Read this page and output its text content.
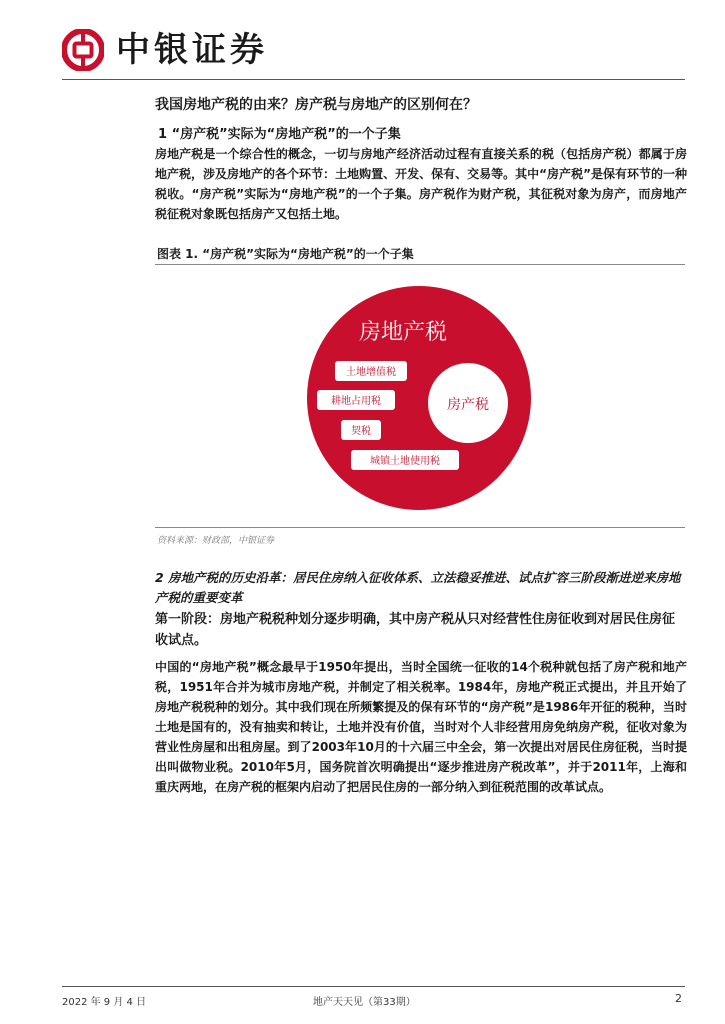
中银证券
我国房地产税的由来？房产税与房地产的区别何在？
1 “房产税”实际为“房地产税”的一个子集
房地产税是一个综合性的概念，一切与房地产经济活动过程有直接关系的税（包括房产税）都属于房地产税，涉及房地产的各个环节：土地购置、开发、保有、交易等。其中“房产税”是保有环节的一种税收。“房产税”实际为“房地产税”的一个子集。房产税作为财产税，其征税对象为房产，而房地产税征税对象既包括房产又包括土地。
图表 1. “房产税”实际为“房地产税”的一个子集
房地产税
房产税
土地增值税
耕地占用税
契税
城镇土地使用税
资料来源：财政部，中银证券
2 房地产税的历史沿革：居民住房纳入征收体系、立法稳妥推进、试点扩容三阶段渐进逆来房地产税的重要变革
第一阶段：房地产税税种划分逐步明确，其中房产税从只对经营性住房征收到对居民住房征收试点。
中国的“房地产税”概念最早于1950年提出，当时全国统一征收的14个税种就包括了房产税和地产税，1951年合并为城市房地产税，并制定了相关税率。1984年，房地产税正式提出，并且开始了房地产税税种的划分。其中我们现在所频繁提及的保有环节的“房产税”是1986年开征的税种，当时土地是国有的，没有抽卖和转让，土地并没有价值，当时对个人非经营用房免纳房产税，征收对象为营业性房屋和出租房屋。到了2003年10月的十六届三中全会，第一次提出对居民住房征税，当时提出叫做物业税。2010年5月，国务院首次明确提出“逐步推进房产税改革”，并于2011年，上海和重庆两地，在房产税的框架内启动了把居民住房的一部分纳入到征税范围的改革试点。
2022 年 9 月 4 日	地产天天见（第33期）	2
